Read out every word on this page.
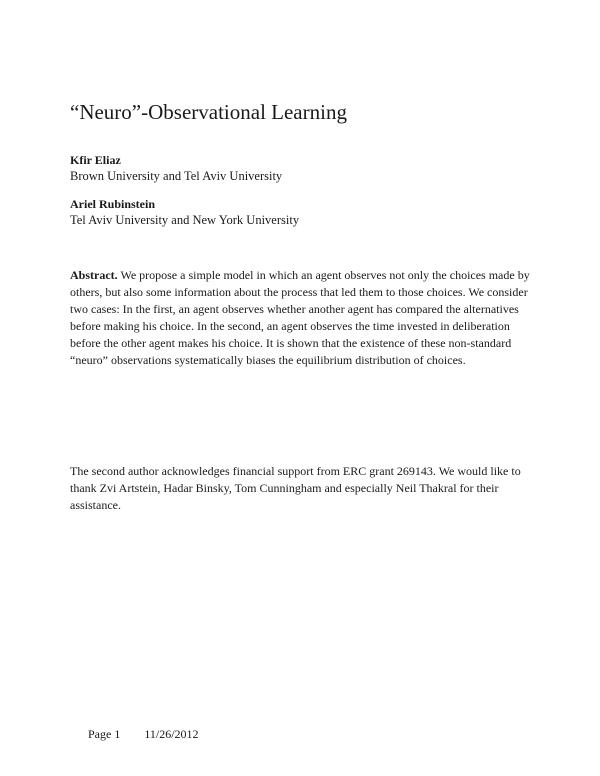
“Neuro”-Observational Learning
Kfir Eliaz
Brown University and Tel Aviv University
Ariel Rubinstein
Tel Aviv University and New York University

Abstract. We propose a simple model in which an agent observes not only the choices made by others, but also some information about the process that led them to those choices. We consider two cases: In the first, an agent observes whether another agent has compared the alternatives before making his choice. In the second, an agent observes the time invested in deliberation before the other agent makes his choice. It is shown that the existence of these non-standard “neuro” observations systematically biases the equilibrium distribution of choices.

The second author acknowledges financial support from ERC grant 269143. We would like to thank Zvi Artstein, Hadar Binsky, Tom Cunningham and especially Neil Thakral for their assistance.

Page 1 11/26/2012
